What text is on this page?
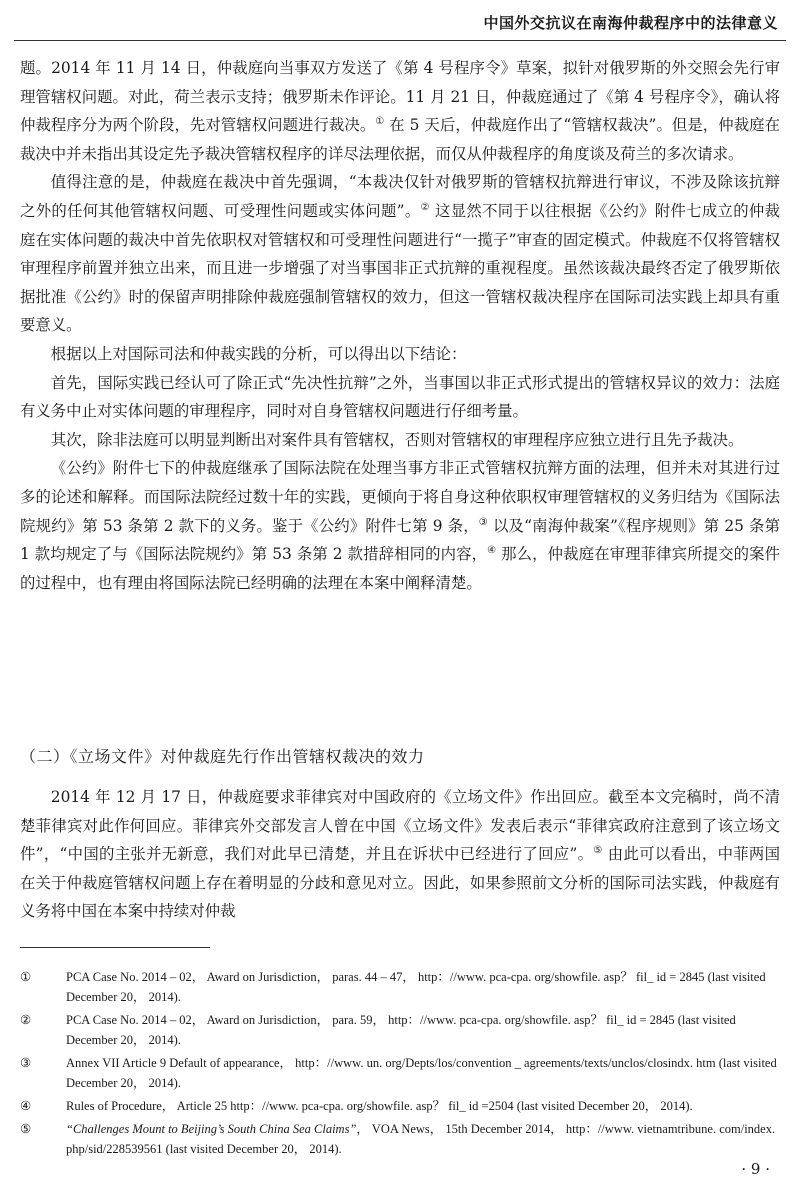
中国外交抗议在南海仲裁程序中的法律意义

题。2014 年 11 月 14 日，仲裁庭向当事双方发送了《第 4 号程序令》草案，拟针对俄罗斯的外交照会先行审理管辖权问题。对此，荷兰表示支持；俄罗斯未作评论。11 月 21 日，仲裁庭通过了《第 4 号程序令》，确认将仲裁程序分为两个阶段，先对管辖权问题进行裁决。① 在 5 天后，仲裁庭作出了“管辖权裁决”。但是，仲裁庭在裁决中并未指出其设定先予裁决管辖权程序的详尽法理依据，而仅从仲裁程序的角度谈及荷兰的多次请求。

值得注意的是，仲裁庭在裁决中首先强调，“本裁决仅针对俄罗斯的管辖权抗辩进行审议，不涉及除该抗辩之外的任何其他管辖权问题、可受理性问题或实体问题”。② 这显然不同于以往根据《公约》附件七成立的仲裁庭在实体问题的裁决中首先依职权对管辖权和可受理性问题进行“一揽子”审查的固定模式。仲裁庭不仅将管辖权审理程序前置并独立出来，而且进一步增强了对当事国非正式抗辩的重视程度。虽然该裁决最终否定了俄罗斯依据批准《公约》时的保留声明排除仲裁庭强制管辖权的效力，但这一管辖权裁决程序在国际司法实践上却具有重要意义。

根据以上对国际司法和仲裁实践的分析，可以得出以下结论：

首先，国际实践已经认可了除正式“先决性抗辩”之外，当事国以非正式形式提出的管辖权异议的效力：法庭有义务中止对实体问题的审理程序，同时对自身管辖权问题进行仔细考量。

其次，除非法庭可以明显判断出对案件具有管辖权，否则对管辖权的审理程序应独立进行且先予裁决。

《公约》附件七下的仲裁庭继承了国际法院在处理当事方非正式管辖权抗辩方面的法理，但并未对其进行过多的论述和解释。而国际法院经过数十年的实践，更倾向于将自身这种依职权审理管辖权的义务归结为《国际法院规约》第 53 条第 2 款下的义务。鉴于《公约》附件七第 9 条，③ 以及“南海仲裁案”《程序规则》第 25 条第 1 款均规定了与《国际法院规约》第 53 条第 2 款措辞相同的内容，④ 那么，仲裁庭在审理菲律宾所提交的案件的过程中，也有理由将国际法院已经明确的法理在本案中阐释清楚。

（二）《立场文件》对仲裁庭先行作出管辖权裁决的效力

2014 年 12 月 17 日，仲裁庭要求菲律宾对中国政府的《立场文件》作出回应。截至本文完稿时，尚不清楚菲律宾对此作何回应。菲律宾外交部发言人曾在中国《立场文件》发表后表示“菲律宾政府注意到了该立场文件”，“中国的主张并无新意，我们对此早已清楚，并且在诉状中已经进行了回应”。⑤ 由此可以看出，中菲两国在关于仲裁庭管辖权问题上存在着明显的分歧和意见对立。因此，如果参照前文分析的国际司法实践，仲裁庭有义务将中国在本案中持续对仲裁

①	PCA Case No. 2014 – 02， Award on Jurisdiction， paras. 44 – 47， http：//www. pca-cpa. org/showfile. asp？ fil_ id = 2845 (last visited December 20， 2014).

②	PCA Case No. 2014 – 02， Award on Jurisdiction， para. 59， http：//www. pca-cpa. org/showfile. asp？ fil_ id = 2845 (last visited December 20， 2014).

③	Annex VII Article 9 Default of appearance， http：//www. un. org/Depts/los/convention _ agreements/texts/unclos/closindx. htm (last visited December 20， 2014).

④	Rules of Procedure， Article 25 http：//www. pca-cpa. org/showfile. asp？ fil_ id =2504 (last visited December 20， 2014).

⑤	“Challenges Mount to Beijing’s South China Sea Claims”， VOA News， 15th December 2014， http：//www. vietnamtribune. com/index. php/sid/228539561 (last visited December 20， 2014).

· 9 ·
